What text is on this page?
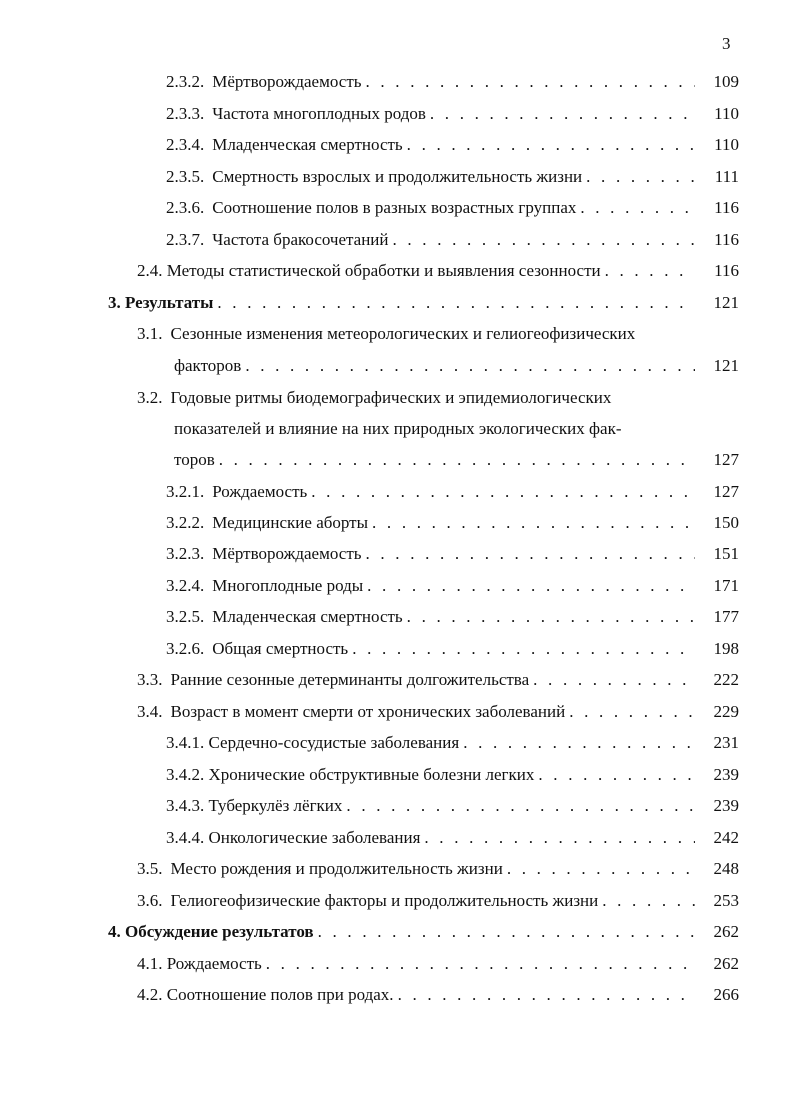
3
2.3.2. Мёртворождаемость . . .	109
2.3.3. Частота многоплодных родов . . .	110
2.3.4. Младенческая смертность . . .	110
2.3.5. Смертность взрослых и продолжительность жизни . . .	111
2.3.6. Соотношение полов в разных возрастных группах . . .	116
2.3.7. Частота бракосочетаний . . .	116
2.4. Методы статистической обработки и выявления сезонности . . .	116
3. Результаты . . .	121
3.1. Сезонные изменения метеорологических и гелиогеофизических
факторов . . .	121
3.2. Годовые ритмы биодемографических и эпидемиологических
показателей и влияние на них природных экологических фак-
торов . . .	127
3.2.1. Рождаемость . . .	127
3.2.2. Медицинские аборты . . .	150
3.2.3. Мёртворождаемость . . .	151
3.2.4. Многоплодные роды . . .	171
3.2.5. Младенческая смертность . . .	177
3.2.6. Общая смертность . . .	198
3.3. Ранние сезонные детерминанты долгожительства . . .	222
3.4. Возраст в момент смерти от хронических заболеваний . . .	229
3.4.1. Сердечно-сосудистые заболевания . . .	231
3.4.2. Хронические обструктивные болезни легких . . .	239
3.4.3. Туберкулёз лёгких . . .	239
3.4.4. Онкологические заболевания . . .	242
3.5. Место рождения и продолжительность жизни . . .	248
3.6. Гелиогеофизические факторы и продолжительность жизни . . .	253
4. Обсуждение результатов . . .	262
4.1. Рождаемость . . .	262
4.2. Соотношение полов при родах. . . .	266
